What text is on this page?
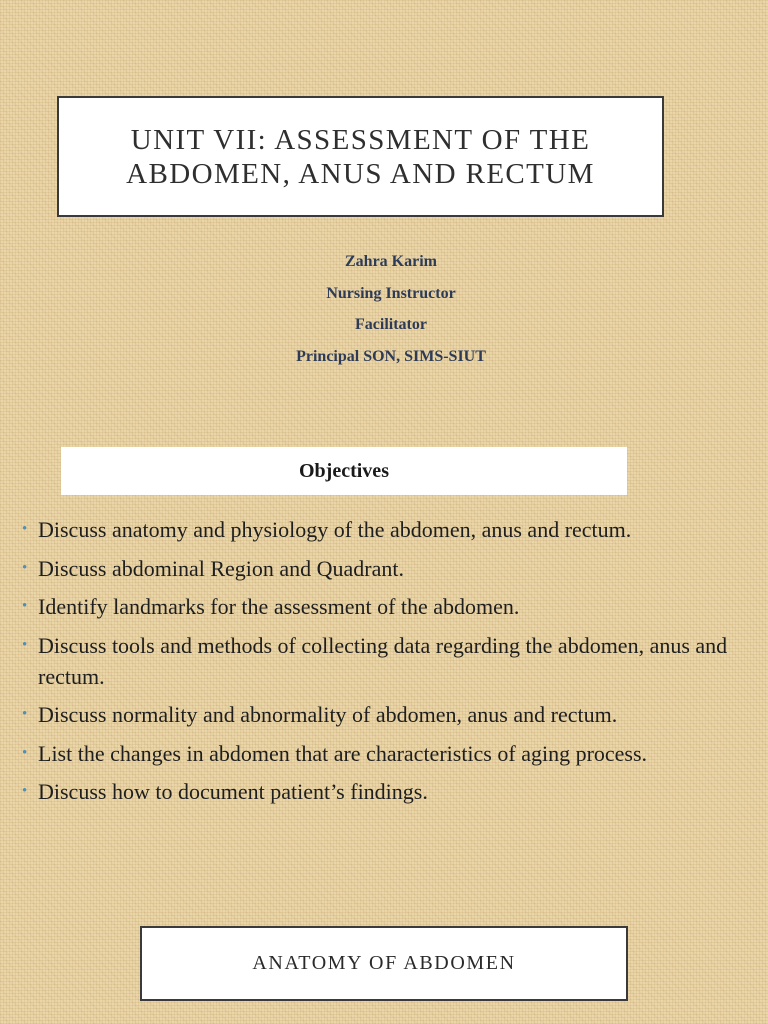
UNIT VII: ASSESSMENT OF THE ABDOMEN, ANUS AND RECTUM

Zahra Karim

Nursing Instructor

Facilitator

Principal SON, SIMS-SIUT

Objectives
• Discuss anatomy and physiology of the abdomen, anus and rectum.
• Discuss abdominal Region and Quadrant.
• Identify landmarks for the assessment of the abdomen.
• Discuss tools and methods of collecting data regarding the abdomen, anus and rectum.
• Discuss normality and abnormality of abdomen, anus and rectum.
• List the changes in abdomen that are characteristics of aging process.
• Discuss how to document patient’s findings.
ANATOMY OF ABDOMEN
